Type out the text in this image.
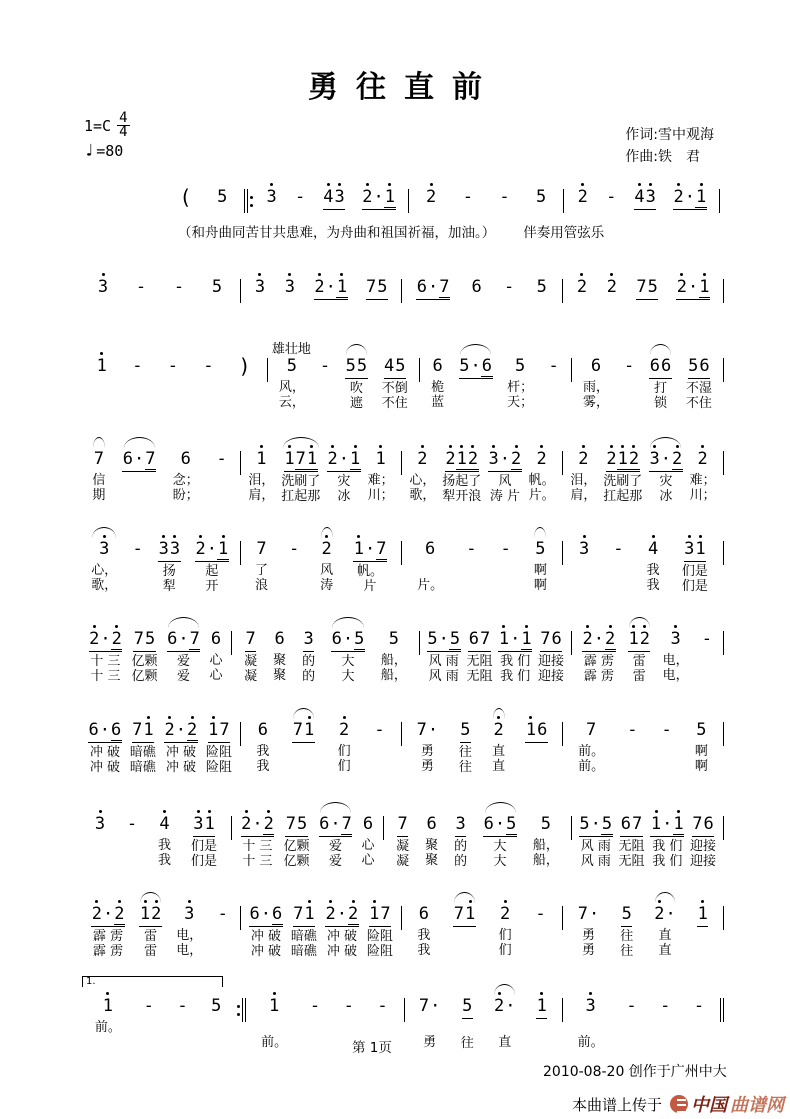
勇往直前
$1=C \frac{4}{4}$
♩ =80
作词:雪中观海
作曲:铁　君
（和舟曲同苦甘共患难，为舟曲和祖国祈福，加油。） 伴奏用管弦乐
( 5 3 - 4 3 2 · 1 2 - - 5 2 - 4 3 2 · 1
3 - - 5 3 3 2 · 1 7 5 6 · 7 6 - 5 2 2 7 5 2 · 1
1

-

-

-

)

雄壮地
5
风，
云，
-

5 5
吹
遮
4 5
不倒
不住
6
桅
蓝
5 · 6

5
杆；
天；
-

6
雨，
雾，
-

6 6
打
锁
5 6
不湿
不住
7
信
期
6 · 7

6
念；
盼；
-

1
泪，
肩，
1 7 1
洗刷了
扛起那
2 · 1
灾
冰
1
难；
川；
2
心，
歌，
2 1 2
扬起了
犁开浪
3 · 2
风
涛 片
2
帆。
片。
2
泪，
肩，
2 1 2
洗刷了
扛起那
3 · 2
灾
冰
2
难；
川；
3
心，
歌，
-

3 3
扬
犁
2 · 1
起
开
7
了
浪
-

2
风
涛
1 · 7
帆。
片
6

片。
-

-

5
啊
啊
3

-

4
我
我
3 1
们是
们是
2 · 2
十 三
十 三
7 5
亿颗
亿颗
6 · 7
爱
爱
6
心
心
7
凝
凝
6
聚
聚
3
的
的
6 · 5
大
大
5
船，
船，
5 · 5
风 雨
风 雨
6 7
无阻
无阻
1 · 1
我 们
我 们
7 6
迎接
迎接
2 · 2
霹 雳
霹 雳
1 2
雷
雷
3
电，
电，
-

6 · 6
冲 破
冲 破
7 1
暗礁
暗礁
2 · 2
冲 破
冲 破
1 7
险阻
险阻
6
我
我
7 1

2
们
们
-

7 ·
勇
勇
5
往
往
2
直
直
1 6

7
前。
前。
-

-

5
啊
啊
3

-

4
我
我
3 1
们是
们是
2 · 2
十 三
十 三
7 5
亿颗
亿颗
6 · 7
爱
爱
6
心
心
7
凝
凝
6
聚
聚
3
的
的
6 · 5
大
大
5
船，
船，
5 · 5
风 雨
风 雨
6 7
无阻
无阻
1 · 1
我 们
我 们
7 6
迎接
迎接
2 · 2
霹 雳
霹 雳
1 2
雷
雷
3
电，
电，
-

6 · 6
冲 破
冲 破
7 1
暗礁
暗礁
2 · 2
冲 破
冲 破
1 7
险阻
险阻
6
我
我
7 1

2
们
们
-

7 ·
勇
勇
5
往
往
2 ·
直
直
1

1.
1
前。

-

-

5

	1

前。
-

-

-

7 ·

勇
5

往
2 ·

直
1

3

前。
-

-

-

第 1页
2010-08-20 创作于广州中大
本曲谱上传于 中国 曲谱网
